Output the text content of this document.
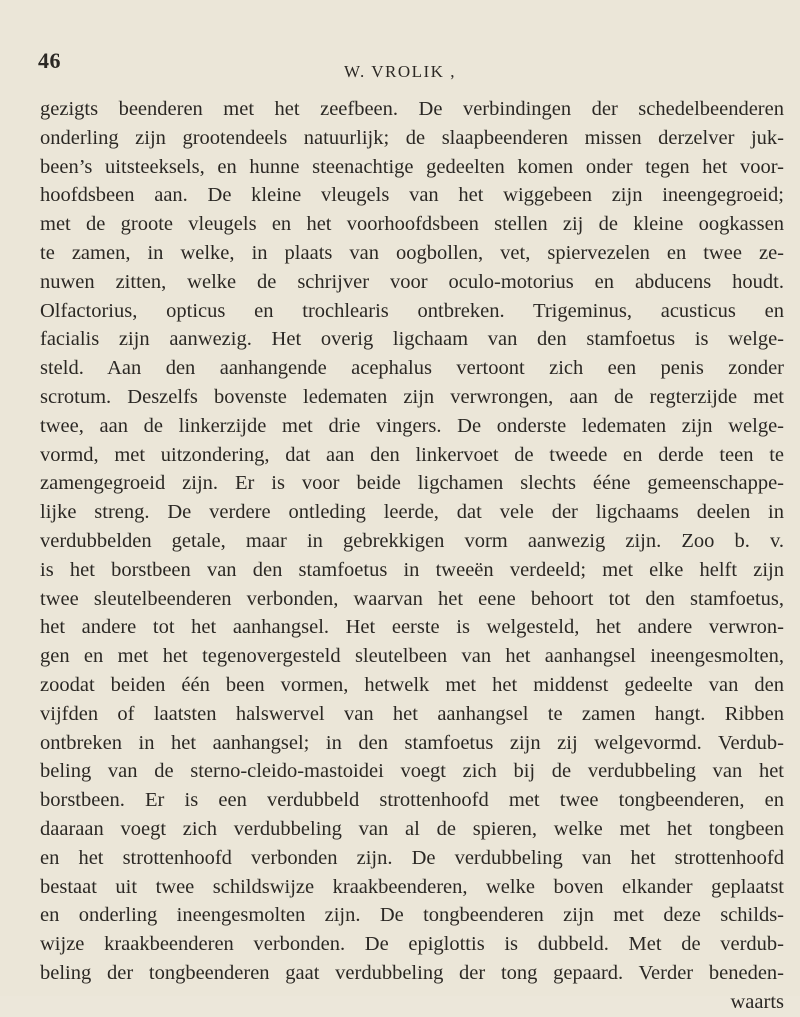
46	W. VROLIK ,
gezigts beenderen met het zeefbeen. De verbindingen der schedelbeenderen
onderling zijn grootendeels natuurlijk; de slaapbeenderen missen derzelver juk-
been’s uitsteeksels, en hunne steenachtige gedeelten komen onder tegen het voor-
hoofdsbeen aan. De kleine vleugels van het wiggebeen zijn ineengegroeid;
met de groote vleugels en het voorhoofdsbeen stellen zij de kleine oogkassen
te zamen, in welke, in plaats van oogbollen, vet, spiervezelen en twee ze-
nuwen zitten, welke de schrijver voor oculo-motorius en abducens houdt.
Olfactorius, opticus en trochlearis ontbreken. Trigeminus, acusticus en
facialis zijn aanwezig. Het overig ligchaam van den stamfoetus is welge-
steld. Aan den aanhangende acephalus vertoont zich een penis zonder
scrotum. Deszelfs bovenste ledematen zijn verwrongen, aan de regterzijde met
twee, aan de linkerzijde met drie vingers. De onderste ledematen zijn welge-
vormd, met uitzondering, dat aan den linkervoet de tweede en derde teen te
zamengegroeid zijn. Er is voor beide ligchamen slechts ééne gemeenschappe-
lijke streng. De verdere ontleding leerde, dat vele der ligchaams deelen in
verdubbelden getale, maar in gebrekkigen vorm aanwezig zijn. Zoo b. v.
is het borstbeen van den stamfoetus in tweeën verdeeld; met elke helft zijn
twee sleutelbeenderen verbonden, waarvan het eene behoort tot den stamfoetus,
het andere tot het aanhangsel. Het eerste is welgesteld, het andere verwron-
gen en met het tegenovergesteld sleutelbeen van het aanhangsel ineengesmolten,
zoodat beiden één been vormen, hetwelk met het middenst gedeelte van den
vijfden of laatsten halswervel van het aanhangsel te zamen hangt. Ribben
ontbreken in het aanhangsel; in den stamfoetus zijn zij welgevormd. Verdub-
beling van de sterno-cleido-mastoidei voegt zich bij de verdubbeling van het
borstbeen. Er is een verdubbeld strottenhoofd met twee tongbeenderen, en
daaraan voegt zich verdubbeling van al de spieren, welke met het tongbeen
en het strottenhoofd verbonden zijn. De verdubbeling van het strottenhoofd
bestaat uit twee schildswijze kraakbeenderen, welke boven elkander geplaatst
en onderling ineengesmolten zijn. De tongbeenderen zijn met deze schilds-
wijze kraakbeenderen verbonden. De epiglottis is dubbeld. Met de verdub-
beling der tongbeenderen gaat verdubbeling der tong gepaard. Verder beneden-
waarts
